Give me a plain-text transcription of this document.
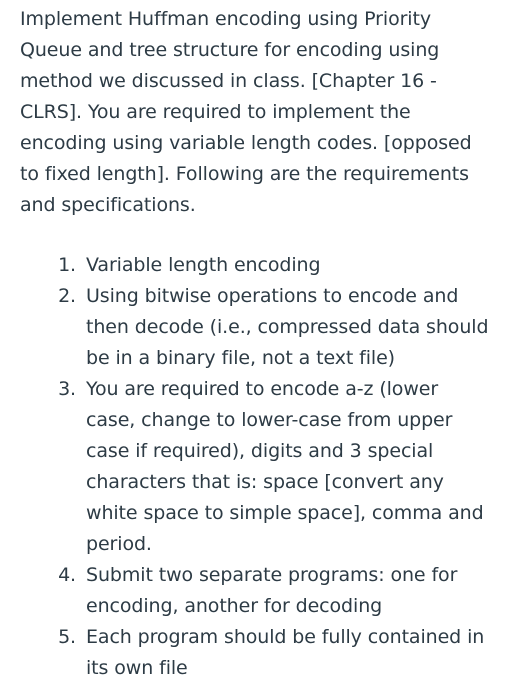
Implement Huffman encoding using Priority Queue and tree structure for encoding using method we discussed in class. [Chapter 16 - CLRS]. You are required to implement the encoding using variable length codes. [opposed to fixed length]. Following are the requirements and specifications.

1. Variable length encoding
2. Using bitwise operations to encode and then decode (i.e., compressed data should be in a binary file, not a text file)
3. You are required to encode a-z (lower case, change to lower-case from upper case if required), digits and 3 special characters that is: space [convert any white space to simple space], comma and period.
4. Submit two separate programs: one for encoding, another for decoding
5. Each program should be fully contained in its own file
